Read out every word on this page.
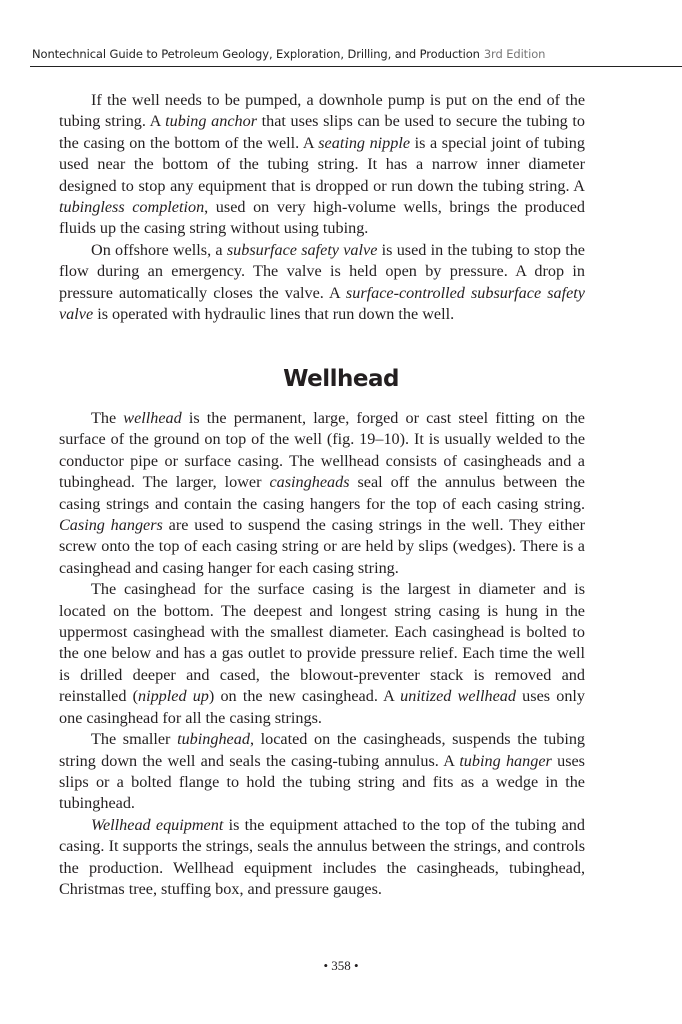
Nontechnical Guide to Petroleum Geology, Exploration, Drilling, and Production 3rd Edition

If the well needs to be pumped, a downhole pump is put on the end of the tubing string. A tubing anchor that uses slips can be used to secure the tubing to the casing on the bottom of the well. A seating nipple is a special joint of tubing used near the bottom of the tubing string. It has a narrow inner diameter designed to stop any equipment that is dropped or run down the tubing string. A tubingless completion, used on very high-volume wells, brings the produced fluids up the casing string without using tubing.

On offshore wells, a subsurface safety valve is used in the tubing to stop the flow during an emergency. The valve is held open by pressure. A drop in pressure automatically closes the valve. A surface-controlled subsurface safety valve is operated with hydraulic lines that run down the well.

Wellhead

The wellhead is the permanent, large, forged or cast steel fitting on the surface of the ground on top of the well (fig. 19–10). It is usually welded to the conductor pipe or surface casing. The wellhead consists of casingheads and a tubinghead. The larger, lower casingheads seal off the annulus between the casing strings and contain the casing hangers for the top of each casing string. Casing hangers are used to suspend the casing strings in the well. They either screw onto the top of each casing string or are held by slips (wedges). There is a casinghead and casing hanger for each casing string.

The casinghead for the surface casing is the largest in diameter and is located on the bottom. The deepest and longest string casing is hung in the uppermost casinghead with the smallest diameter. Each casinghead is bolted to the one below and has a gas outlet to provide pressure relief. Each time the well is drilled deeper and cased, the blowout-preventer stack is removed and reinstalled (nippled up) on the new casinghead. A unitized wellhead uses only one casinghead for all the casing strings.

The smaller tubinghead, located on the casingheads, suspends the tubing string down the well and seals the casing-tubing annulus. A tubing hanger uses slips or a bolted flange to hold the tubing string and fits as a wedge in the tubinghead.

Wellhead equipment is the equipment attached to the top of the tubing and casing. It supports the strings, seals the annulus between the strings, and controls the production. Wellhead equipment includes the casingheads, tubinghead, Christmas tree, stuffing box, and pressure gauges.

• 358 •
